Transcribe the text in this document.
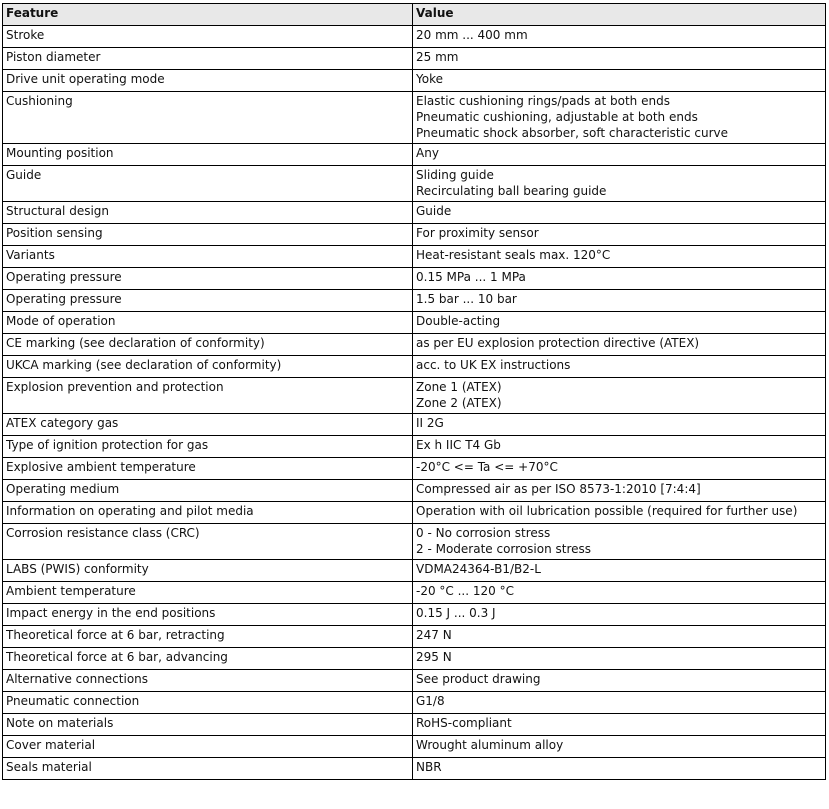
Feature	Value
Stroke	20 mm ... 400 mm

Piston diameter	25 mm

Drive unit operating mode	Yoke

Cushioning	Elastic cushioning rings/pads at both ends
Pneumatic cushioning, adjustable at both ends
Pneumatic shock absorber, soft characteristic curve

Mounting position	Any

Guide	Sliding guide
Recirculating ball bearing guide

Structural design	Guide

Position sensing	For proximity sensor

Variants	Heat-resistant seals max. 120°C

Operating pressure	0.15 MPa ... 1 MPa

Operating pressure	1.5 bar ... 10 bar

Mode of operation	Double-acting

CE marking (see declaration of conformity)	as per EU explosion protection directive (ATEX)

UKCA marking (see declaration of conformity)	acc. to UK EX instructions

Explosion prevention and protection	Zone 1 (ATEX)
Zone 2 (ATEX)

ATEX category gas	II 2G

Type of ignition protection for gas	Ex h IIC T4 Gb

Explosive ambient temperature	-20°C <= Ta <= +70°C

Operating medium	Compressed air as per ISO 8573-1:2010 [7:4:4]

Information on operating and pilot media	Operation with oil lubrication possible (required for further use)

Corrosion resistance class (CRC)	0 - No corrosion stress
2 - Moderate corrosion stress

LABS (PWIS) conformity	VDMA24364-B1/B2-L

Ambient temperature	-20 °C ... 120 °C

Impact energy in the end positions	0.15 J ... 0.3 J

Theoretical force at 6 bar, retracting	247 N

Theoretical force at 6 bar, advancing	295 N

Alternative connections	See product drawing

Pneumatic connection	G1/8

Note on materials	RoHS-compliant

Cover material	Wrought aluminum alloy

Seals material	NBR
